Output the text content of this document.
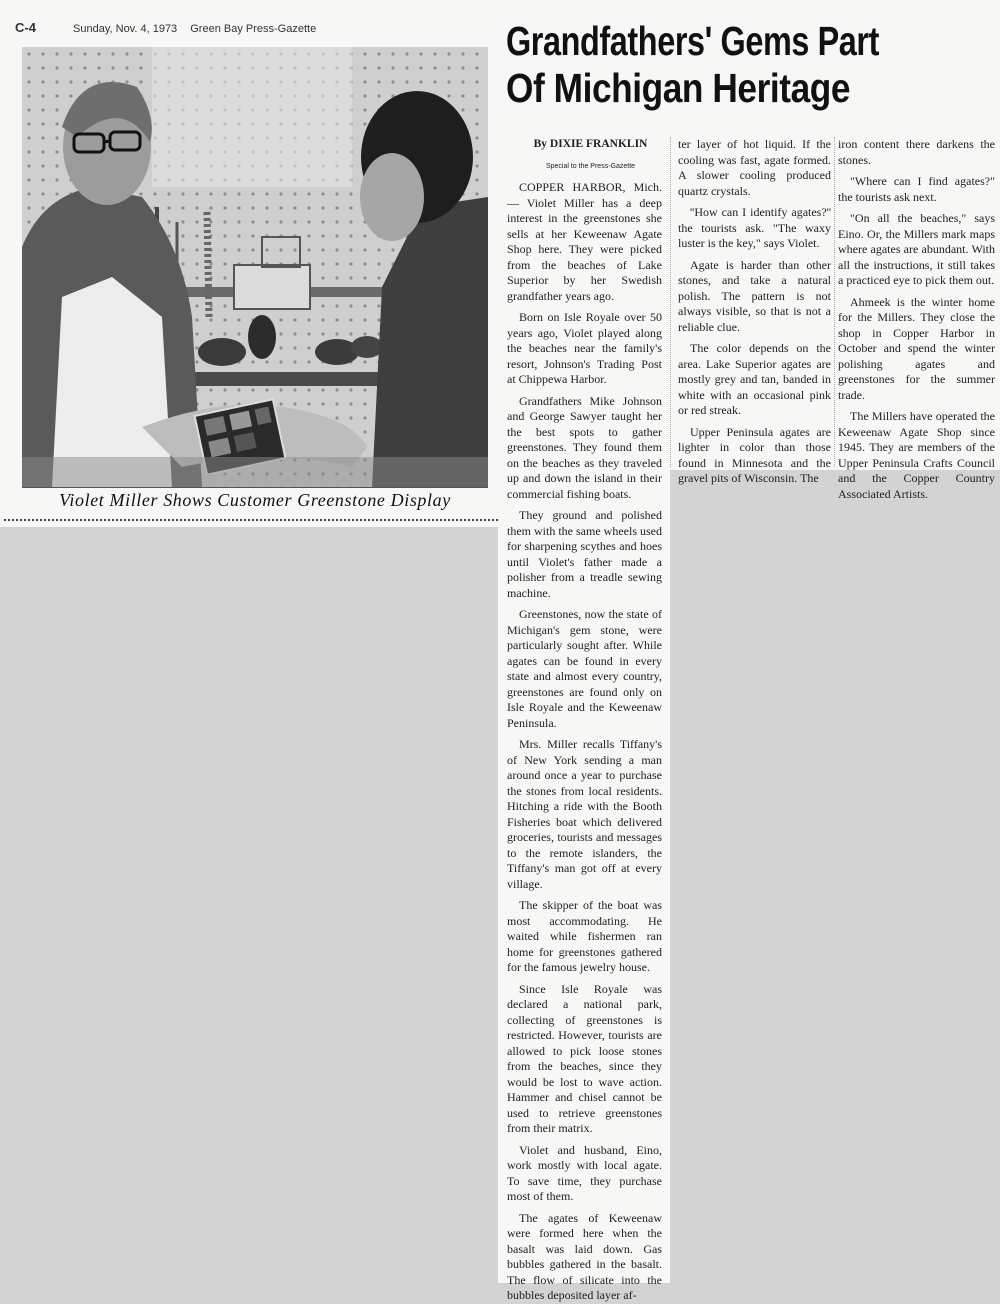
C-4	Sunday, Nov. 4, 1973 Green Bay Press-Gazette
Violet Miller Shows Customer Greenstone Display
Grandfathers' Gems Part
Of Michigan Heritage

By DIXIE FRANKLIN

Special to the Press-Gazette

COPPER HARBOR, Mich. — Violet Miller has a deep interest in the greenstones she sells at her Keweenaw Agate Shop here. They were picked from the beaches of Lake Superior by her Swedish grandfather years ago.

Born on Isle Royale over 50 years ago, Violet played along the beaches near the family's resort, Johnson's Trading Post at Chippewa Harbor.

Grandfathers Mike Johnson and George Sawyer taught her the best spots to gather greenstones. They found them on the beaches as they traveled up and down the island in their commercial fishing boats.

They ground and polished them with the same wheels used for sharpening scythes and hoes until Violet's father made a polisher from a treadle sewing machine.

Greenstones, now the state of Michigan's gem stone, were particularly sought after. While agates can be found in every state and almost every country, greenstones are found only on Isle Royale and the Keweenaw Peninsula.

Mrs. Miller recalls Tiffany's of New York sending a man around once a year to purchase the stones from local residents. Hitching a ride with the Booth Fisheries boat which delivered groceries, tourists and messages to the remote islanders, the Tiffany's man got off at every village.

The skipper of the boat was most accommodating. He waited while fishermen ran home for greenstones gathered for the famous jewelry house.

Since Isle Royale was declared a national park, collecting of greenstones is restricted. However, tourists are allowed to pick loose stones from the beaches, since they would be lost to wave action. Hammer and chisel cannot be used to retrieve greenstones from their matrix.

Violet and husband, Eino, work mostly with local agate. To save time, they purchase most of them.

The agates of Keweenaw were formed here when the basalt was laid down. Gas bubbles gathered in the basalt. The flow of silicate into the bubbles deposited layer af-

ter layer of hot liquid. If the cooling was fast, agate formed. A slower cooling produced quartz crystals.

''How can I identify agates?'' the tourists ask. "The waxy luster is the key," says Violet.

Agate is harder than other stones, and take a natural polish. The pattern is not always visible, so that is not a reliable clue.

The color depends on the area. Lake Superior agates are mostly grey and tan, banded in white with an occasional pink or red streak.

Upper Peninsula agates are lighter in color than those found in Minnesota and the gravel pits of Wisconsin. The

iron content there darkens the stones.

"Where can I find agates?" the tourists ask next.

"On all the beaches," says Eino. Or, the Millers mark maps where agates are abundant. With all the instructions, it still takes a practiced eye to pick them out.

Ahmeek is the winter home for the Millers. They close the shop in Copper Harbor in October and spend the winter polishing agates and greenstones for the summer trade.

The Millers have operated the Keweenaw Agate Shop since 1945. They are members of the Upper Peninsula Crafts Council and the Copper Country Associated Artists.
